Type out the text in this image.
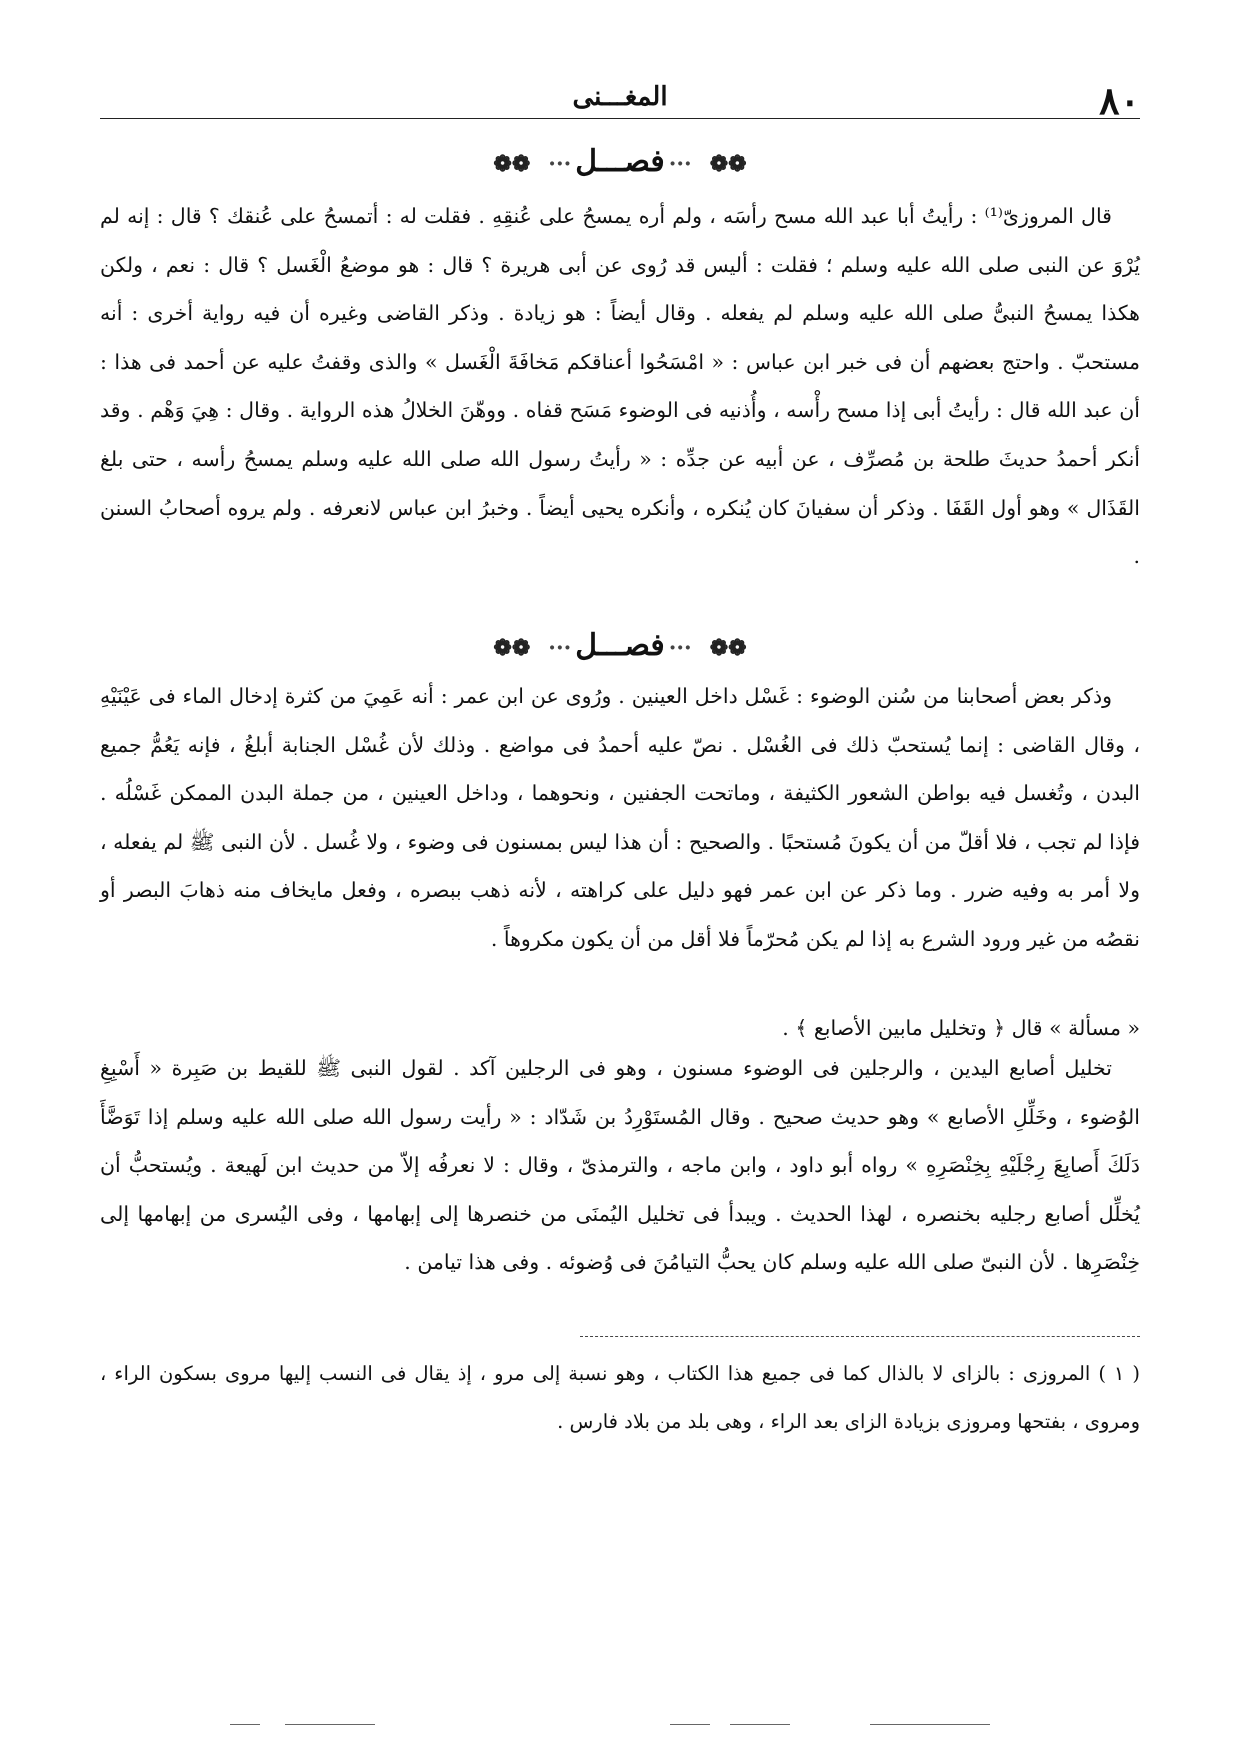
٨٠
المغـــنى
❁❁···فصـــل···❁❁

قال المروزىّ⁽¹⁾ : رأيتُ أبا عبد الله مسح رأسَه ، ولم أره يمسحُ على عُنقِهِ . فقلت له : أتمسحُ على عُنقك ؟ قال : إنه لم يُرْوَ عن النبى صلى الله عليه وسلم ؛ فقلت : أليس قد رُوى عن أبى هريرة ؟ قال : هو موضعُ الْغَسل ؟ قال : نعم ، ولكن هكذا يمسحُ النبىُّ صلى الله عليه وسلم لم يفعله . وقال أيضاً : هو زيادة . وذكر القاضى وغيره أن فيه رواية أخرى : أنه مستحبّ . واحتج بعضهم أن فى خبر ابن عباس : « امْسَحُوا أعناقكم مَخافَةَ الْغَسل » والذى وقفتُ عليه عن أحمد فى هذا : أن عبد الله قال : رأيتُ أبى إذا مسح رأْسه ، وأُذنيه فى الوضوء مَسَح قفاه . ووهّنَ الخلالُ هذه الرواية . وقال : هِيَ وَهْم . وقد أنكر أحمدُ حديثَ طلحة بن مُصرِّف ، عن أبيه عن جدِّه : « رأيتُ رسول الله صلى الله عليه وسلم يمسحُ رأسه ، حتى بلغ القَذَال » وهو أول القَفَا . وذكر أن سفيانَ كان يُنكره ، وأنكره يحيى أيضاً . وخبرُ ابن عباس لانعرفه . ولم يروه أصحابُ السنن .

❁❁···فصـــل···❁❁

وذكر بعض أصحابنا من سُنن الوضوء : غَسْل داخل العينين . ورُوى عن ابن عمر : أنه عَمِيَ من كثرة إدخال الماء فى عَيْنَيْهِ ، وقال القاضى : إنما يُستحبّ ذلك فى الغُسْل . نصّ عليه أحمدُ فى مواضع . وذلك لأن غُسْل الجنابة أبلغُ ، فإنه يَعُمُّ جميع البدن ، وتُغسل فيه بواطن الشعور الكثيفة ، وماتحت الجفنين ، ونحوهما ، وداخل العينين ، من جملة البدن الممكن غَسْلُه . فإذا لم تجب ، فلا أقلّ من أن يكونَ مُستحبًا . والصحيح : أن هذا ليس بمسنون فى وضوء ، ولا غُسل . لأن النبى ﷺ لم يفعله ، ولا أمر به وفيه ضرر . وما ذكر عن ابن عمر فهو دليل على كراهته ، لأنه ذهب ببصره ، وفعل مايخاف منه ذهابَ البصر أو نقصُه من غير ورود الشرع به إذا لم يكن مُحرّماً فلا أقل من أن يكون مكروهاً .

« مسألة » قال ﴿ وتخليل مابين الأصابع ﴾ .

تخليل أصابع اليدين ، والرجلين فى الوضوء مسنون ، وهو فى الرجلين آكد . لقول النبى ﷺ للقيط بن صَبِرة « أَسْبِغِ الوُضوء ، وخَلِّلِ الأصابع » وهو حديث صحيح . وقال المُستَوْرِدُ بن شَدّاد : « رأيت رسول الله صلى الله عليه وسلم إذا تَوَضَّأَ دَلَكَ أَصابِعَ رِجْلَيْهِ بِخِنْصَرِهِ » رواه أبو داود ، وابن ماجه ، والترمذىّ ، وقال : لا نعرفُه إلاّ من حديث ابن لَهيعة . ويُستحبُّ أن يُخلِّل أصابع رجليه بخنصره ، لهذا الحديث . ويبدأ فى تخليل اليُمنَى من خنصرها إلى إبهامها ، وفى اليُسرى من إبهامها إلى خِنْصَرِها . لأن النبىّ صلى الله عليه وسلم كان يحبُّ التيامُنَ فى وُضوئه . وفى هذا تيامن .

( ١ ) المروزى : بالزاى لا بالذال كما فى جميع هذا الكتاب ، وهو نسبة إلى مرو ، إذ يقال فى النسب إليها مروى بسكون الراء ، ومروى ، بفتحها ومروزى بزيادة الزاى بعد الراء ، وهى بلد من بلاد فارس .
